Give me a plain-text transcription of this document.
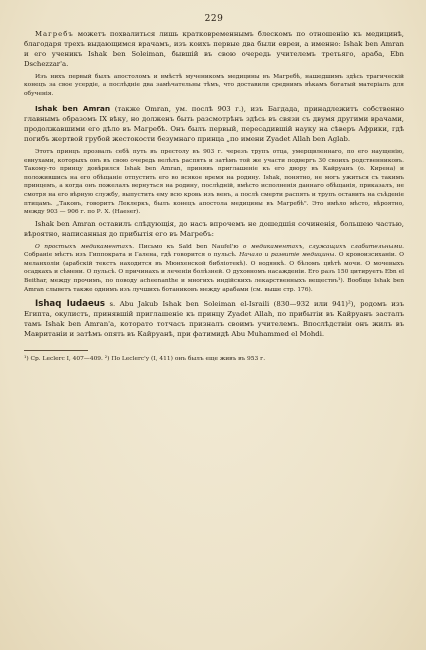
229

Магребъ можетъ похвалиться лишь кратковременнымъ блескомъ по отношенію къ медицинѣ, благодаря трехъ выдающимся врачамъ, изъ коихъ первые два были евреи, а именно: Ishak ben Amran и его ученикъ Ishak ben Soleiman, бывшій въ свою очередь учителемъ третьяго, араба, Ebn Dschezzar'а.

Изъ нихъ первый былъ апостоломъ и вмѣстѣ мученикомъ медицины въ Магребѣ, нашедшимъ здѣсь трагическій конецъ за свое усердіе, а послѣдніе два замѣчательны тѣмъ, что доставили среднимъ вѣкамъ богатый матеріалъ для обученія.

Ishak ben Amran (также Omran, ум. послѣ 903 г.), изъ Багдада, принадлежитъ собственно главнымъ образомъ IX вѣку, но долженъ быть разсмотрѣнъ здѣсь въ связи съ двумя другими врачами, продолжавшими его дѣло въ Магребѣ. Онъ былъ первый, пересадившій науку на сѣверъ Африки, гдѣ погибъ жертвой грубой жестокости безумнаго принца „по имени Zyadet Allah ben Aglab.

Этотъ принцъ прозвалъ себѣ путь въ престолу въ 903 г. черезъ трупъ отца, умерщвленнаго, по его наущенію, евнухами, которыхъ онъ въ свою очередь велѣлъ распять и затѣмъ той же участи подвергъ 30 своихъ родственниковъ. Такому-то принцу довѣрился Ishak ben Amran, принявъ приглашеніе къ его двору въ Кайруанъ (о. Кирена) и положившись на его обѣщаніе отпустить его во всякое время на родину. Ishak, понятно, не могъ ужиться съ такимъ принцемъ, а когда онъ пожелалъ вернуться на родину, послѣдній, вмѣсто исполненія даннаго обѣщанія, приказалъ, не смотря на его вѣрную службу, выпустить ему всю кровь изъ венъ, а послѣ смерти распять и трупъ оставить на съѣденіе птицамъ. „Таковъ, говоритъ Леклеркъ, былъ конецъ апостола медицины въ Магребѣ". Это имѣло мѣсто, вѣроятно, между 903 — 906 г. по Р. Х. (Haeser).

Ishak ben Amran оставилъ слѣдующія, до насъ впрочемъ не дошедшія сочиненія, большею частью, вѣроятно, написанныя до прибытія его въ Магребъ:

О простыхъ медикаментахъ. Письмо къ Saïd ben Naufel'ю о медикаментахъ, служащихъ слабительными. Собраніе мѣстъ изъ Гиппократа и Галена, гдѣ говорится о пульсѣ. Начало и развитіе медицины. О кровоизсиханіи. О меланхоліи (арабскій текстъ находится въ Мюнхенской библіотекѣ). О водянкѣ. О бѣломъ цвѣтѣ мочи. О мочевыхъ осадкахъ и сѣмени. О пульсѣ. О причинахъ и леченіи болѣзней. О духовномъ насажденіи. Его разъ 150 цитируетъ Ebn el Beithar, между прочимъ, по поводу acheenanthe и многихъ индійскихъ лекарственныхъ веществъ¹). Вообще Ishak ben Amran слыветъ также однимъ изъ лучшихъ ботаниковъ между арабами (см. выше стр. 176).

Ishaq Iudaeus s. Abu Jakub Ishak ben Soleiman el-Israili (830—932 или 941)²), родомъ изъ Египта, окулистъ, принявшій приглашеніе къ принцу Zyadet Allah, по прибытіи въ Кайруанъ засталъ тамъ Ishak ben Amran'а, которато тотчасъ призналъ своимъ учителемъ. Впослѣдствіи онъ жилъ въ Мавританіи и затѣмъ опять въ Кайруанѣ, при фатимидѣ Abu Muhammed el Mohdi.

¹) Cp. Leclerc I, 407—409. ²) По Leclerc'у (I, 411) онъ былъ еще живъ въ 953 г.
